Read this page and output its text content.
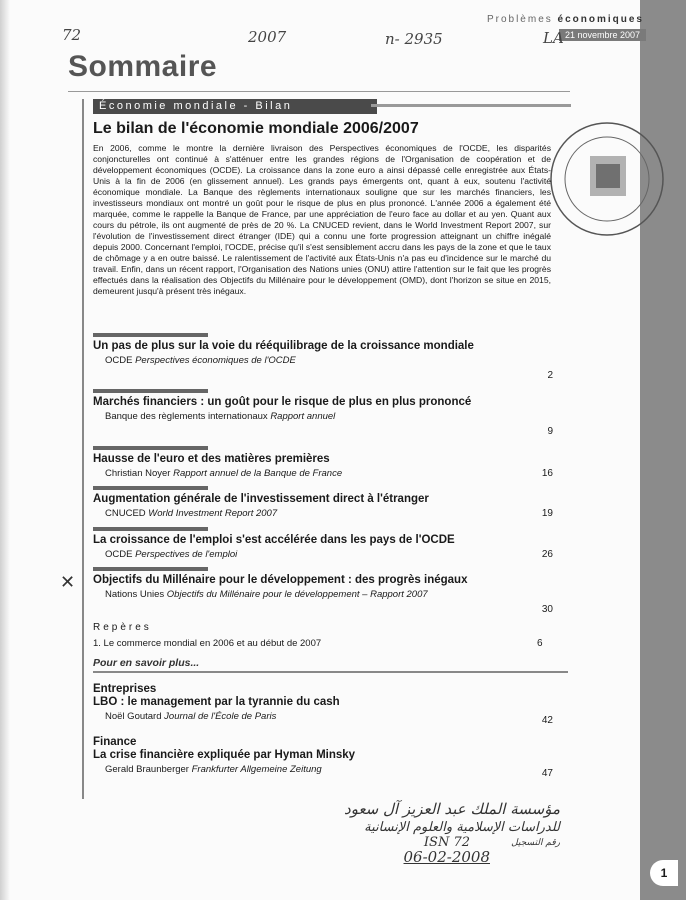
Problèmes économiques
21 novembre 2007
72	2007	n- 2935	LA
Sommaire
Économie mondiale - Bilan
Le bilan de l'économie mondiale 2006/2007
En 2006, comme le montre la dernière livraison des Perspectives économiques de l'OCDE, les disparités conjoncturelles ont continué à s'atténuer entre les grandes régions de l'Organisation de coopération et de développement économiques (OCDE). La croissance dans la zone euro a ainsi dépassé celle enregistrée aux États-Unis à la fin de 2006 (en glissement annuel). Les grands pays émergents ont, quant à eux, soutenu l'activité économique mondiale. La Banque des règlements internationaux souligne que sur les marchés financiers, les investisseurs mondiaux ont montré un goût pour le risque de plus en plus prononcé. L'année 2006 a également été marquée, comme le rappelle la Banque de France, par une appréciation de l'euro face au dollar et au yen. Quant aux cours du pétrole, ils ont augmenté de près de 20 %. La CNUCED revient, dans le World Investment Report 2007, sur l'évolution de l'investissement direct étranger (IDE) qui a connu une forte progression atteignant un chiffre inégalé depuis 2000. Concernant l'emploi, l'OCDE, précise qu'il s'est sensiblement accru dans les pays de la zone et que le taux de chômage y a en outre baissé. Le ralentissement de l'activité aux États-Unis n'a pas eu d'incidence sur le marché du travail. Enfin, dans un récent rapport, l'Organisation des Nations unies (ONU) attire l'attention sur le fait que les progrès effectués dans la réalisation des Objectifs du Millénaire pour le développement (OMD), dont l'horizon se situe en 2015, demeurent jusqu'à présent très inégaux.
Un pas de plus sur la voie du rééquilibrage de la croissance mondiale
OCDE Perspectives économiques de l'OCDE
2
Marchés financiers : un goût pour le risque de plus en plus prononcé
Banque des règlements internationaux Rapport annuel
9
Hausse de l'euro et des matières premières
Christian Noyer Rapport annuel de la Banque de France	16
Augmentation générale de l'investissement direct à l'étranger
CNUCED World Investment Report 2007	19
La croissance de l'emploi s'est accélérée dans les pays de l'OCDE
OCDE Perspectives de l'emploi	26
✕ Objectifs du Millénaire pour le développement : des progrès inégaux
Nations Unies Objectifs du Millénaire pour le développement – Rapport 2007
30
Repères
1. Le commerce mondial en 2006 et au début de 2007	6
Pour en savoir plus...
Entreprises
LBO : le management par la tyrannie du cash
Noël Goutard Journal de l'École de Paris	42
Finance
La crise financière expliquée par Hyman Minsky
Gerald Braunberger Frankfurter Allgemeine Zeitung	47
مؤسسة الملك عبد العزيز آل سعود
للدراسات الإسلامية والعلوم الإنسانية
ISN 72	رقم التسجيل
06-02-2008
1
